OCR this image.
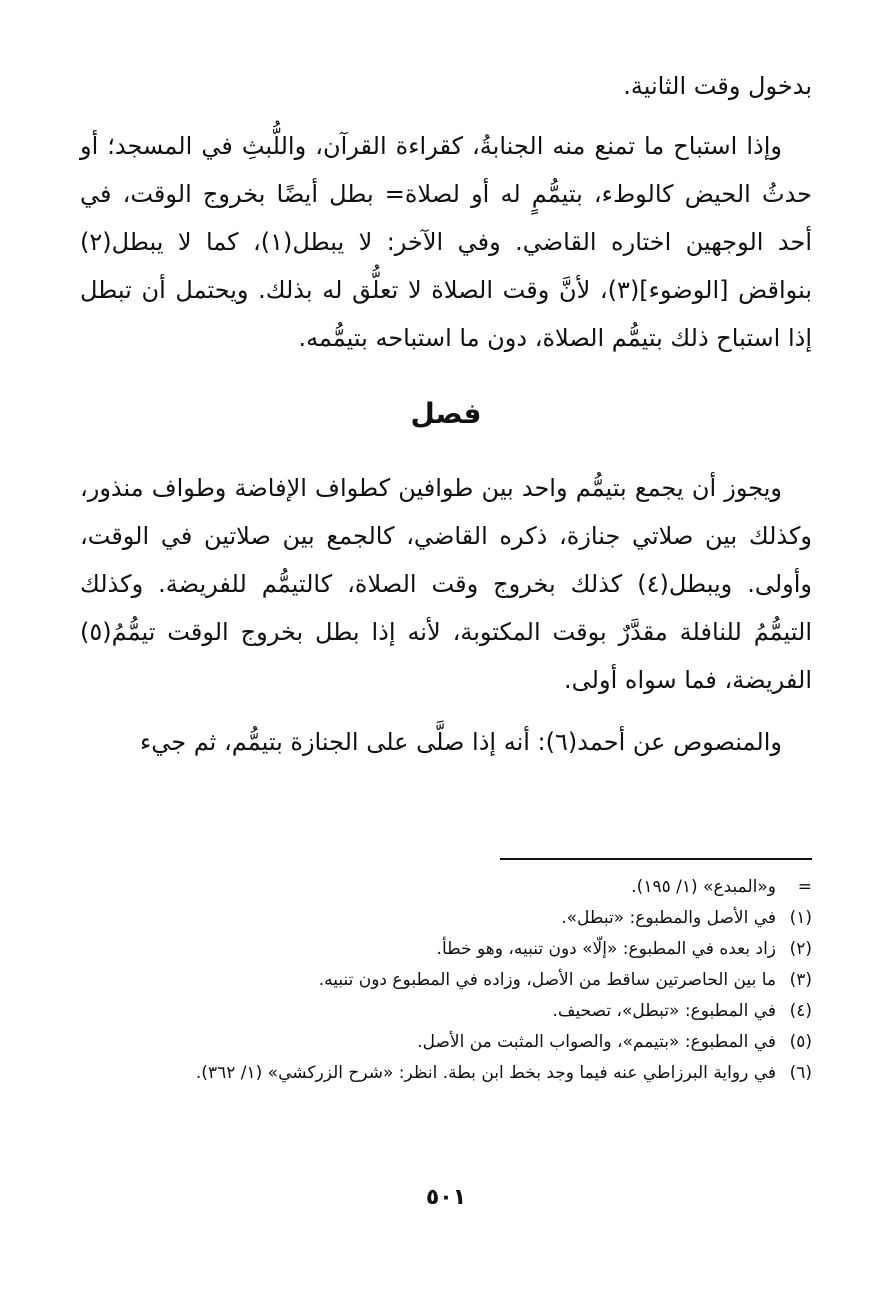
بدخول وقت الثانية.

وإذا استباح ما تمنع منه الجنابةُ، كقراءة القرآن، واللُّبثِ في المسجد؛ أو حدثُ الحيض كالوطء، بتيمُّمٍ له أو لصلاة= بطل أيضًا بخروج الوقت، في أحد الوجهين اختاره القاضي. وفي الآخر: لا يبطل(١)، كما لا يبطل(٢) بنواقض [الوضوء](٣)، لأنَّ وقت الصلاة لا تعلُّق له بذلك. ويحتمل أن تبطل إذا استباح ذلك بتيمُّم الصلاة، دون ما استباحه بتيمُّمه.

فصل

ويجوز أن يجمع بتيمُّم واحد بين طوافين كطواف الإفاضة وطواف منذور، وكذلك بين صلاتي جنازة، ذكره القاضي، كالجمع بين صلاتين في الوقت، وأولى. ويبطل(٤) كذلك بخروج وقت الصلاة، كالتيمُّم للفريضة. وكذلك التيمُّمُ للنافلة مقدَّرٌ بوقت المكتوبة، لأنه إذا بطل بخروج الوقت تيمُّمُ(٥) الفريضة، فما سواه أولى.

والمنصوص عن أحمد(٦): أنه إذا صلَّى على الجنازة بتيمُّم، ثم جيء

=
و«المبدع» (١/ ١٩٥).
(١)
في الأصل والمطبوع: «تبطل».
(٢)
زاد بعده في المطبوع: «إلّا» دون تنبيه، وهو خطأ.
(٣)
ما بين الحاصرتين ساقط من الأصل، وزاده في المطبوع دون تنبيه.
(٤)
في المطبوع: «تبطل»، تصحيف.
(٥)
في المطبوع: «بتيمم»، والصواب المثبت من الأصل.
(٦)
في رواية البرزاطي عنه فيما وجد بخط ابن بطة. انظر: «شرح الزركشي» (١/ ٣٦٢).
٥٠١
